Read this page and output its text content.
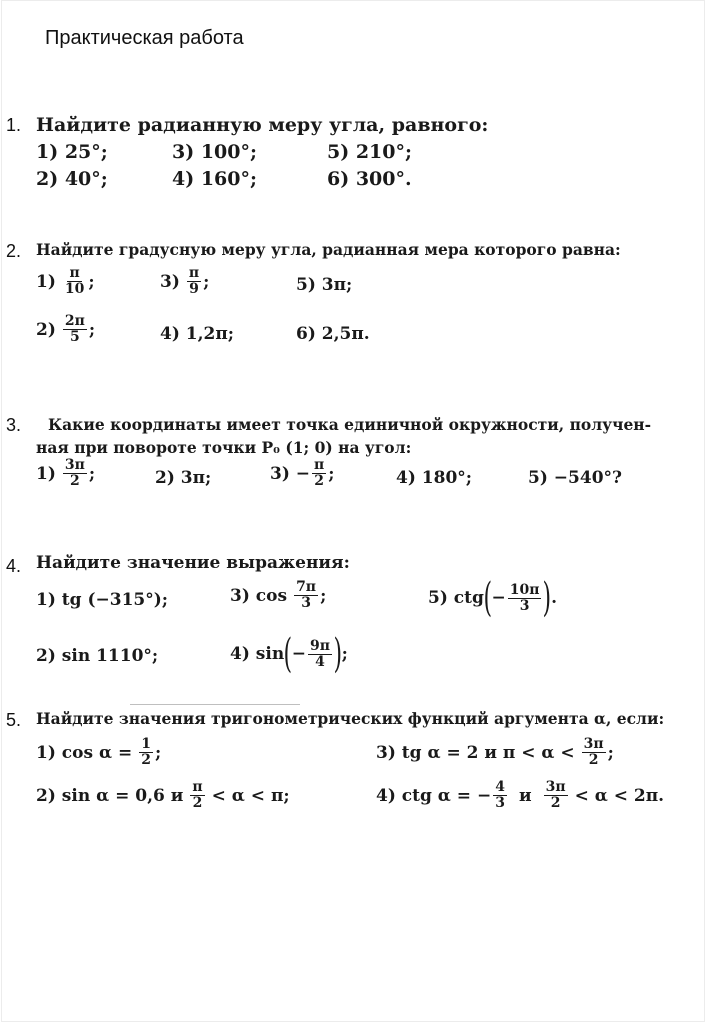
Практическая работа
1. Найдите радианную меру угла, равного:
1) 25°;	3) 100°;	5) 210°;
2) 40°;	4) 160°;	6) 300°.
2. Найдите градусную меру угла, радианная мера которого равна:
$1) \frac{\pi}{10}$ ;	$3) \frac{\pi}{9}$ ;	5) 3π;
$2) \frac{2\pi}{5}$ ;	4) 1,2π;	6) 2,5π.
3. Какие координаты имеет точка единичной окружности, получен-
ная при повороте точки P₀ (1; 0) на угол:
$1) \frac{3\pi}{2}$ ;	2) 3π;	$3) - \frac{\pi}{2}$ ;	4) 180°;	5) −540°?
4. Найдите значение выражения:
1) tg (−315°);	3) $\cos \frac{7\pi}{3}$ ;	5) ctg ( − $\frac{10\pi}{3}$ ) .
2) sin 1110°;	4) sin ( − $\frac{9\pi}{4}$ ) ;
5. Найдите значения тригонометрических функций аргумента α, если:
1) $\cos \alpha = \frac{1}{2}$ ;	3) tg α = 2 и $\pi < \alpha < \frac{3\pi}{2}$ ;
2) sin α = 0,6 и $\frac{\pi}{2} < \alpha < \pi$;	4) ctg α = − $\frac{4}{3}$ и $\frac{3\pi}{2} < \alpha < 2\pi$.
